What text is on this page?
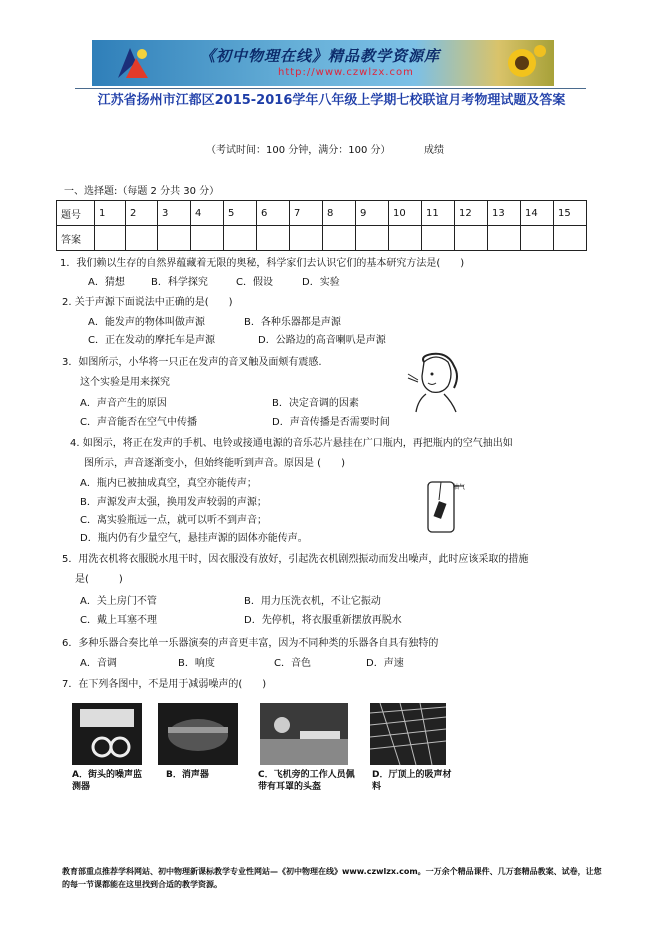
《初中物理在线》精品教学资源库
http://www.czwlzx.com
江苏省扬州市江都区2015-2016学年八年级上学期七校联谊月考物理试题及答案
（考试时间：100 分钟，满分：100 分）	成绩
一、选择题:（每题 2 分共 30 分）
题号	1	2	3	4	5	6	7	8	9	10	11	12	13	14	15
答案															
1．我们赖以生存的自然界蕴藏着无限的奥秘，科学家们去认识它们的基本研究方法是(　　)
A．猜想	B．科学探究	C．假设	D．实验
2. 关于声源下面说法中正确的是(　　)
A．能发声的物体叫做声源	B．各种乐器都是声源
C．正在发动的摩托车是声源	D．公路边的高音喇叭是声源
3．如图所示，小华将一只正在发声的音叉触及面颊有震感.
这个实验是用来探究
A．声音产生的原因	B．决定音调的因素
C．声音能否在空气中传播	D．声音传播是否需要时间
4. 如图示，将正在发声的手机、电铃或接通电源的音乐芯片悬挂在广口瓶内，再把瓶内的空气抽出如
图所示，声音逐渐变小，但始终能听到声音。原因是 (　　)
A．瓶内已被抽成真空，真空亦能传声；
B．声源发声太强，换用发声较弱的声源；
C．离实验瓶远一点，就可以听不到声音；
D．瓶内仍有少量空气，悬挂声源的固体亦能传声。
抽气
5．用洗衣机将衣服脱水甩干时，因衣服没有放好，引起洗衣机剧烈振动而发出噪声，此时应该采取的措施
是(　　　)
A．关上房门不管	B．用力压洗衣机，不让它振动
C．戴上耳塞不理	D．先停机，将衣服重新摆放再脱水
6．多种乐器合奏比单一乐器演奏的声音更丰富，因为不同种类的乐器各自具有独特的
A．音调	B．响度	C．音色	D．声速
7．在下列各图中，不是用于减弱噪声的(　　)
A．街头的噪声监测器
B．消声器	C．飞机旁的工作人员佩带有耳罩的头盔
D．厅顶上的吸声材料
教育部重点推荐学科网站、初中物理新课标教学专业性网站—《初中物理在线》www.czwlzx.com。一万余个精品课件、几万套精品教案、试卷，让您的每一节课都能在这里找到合适的教学资源。
